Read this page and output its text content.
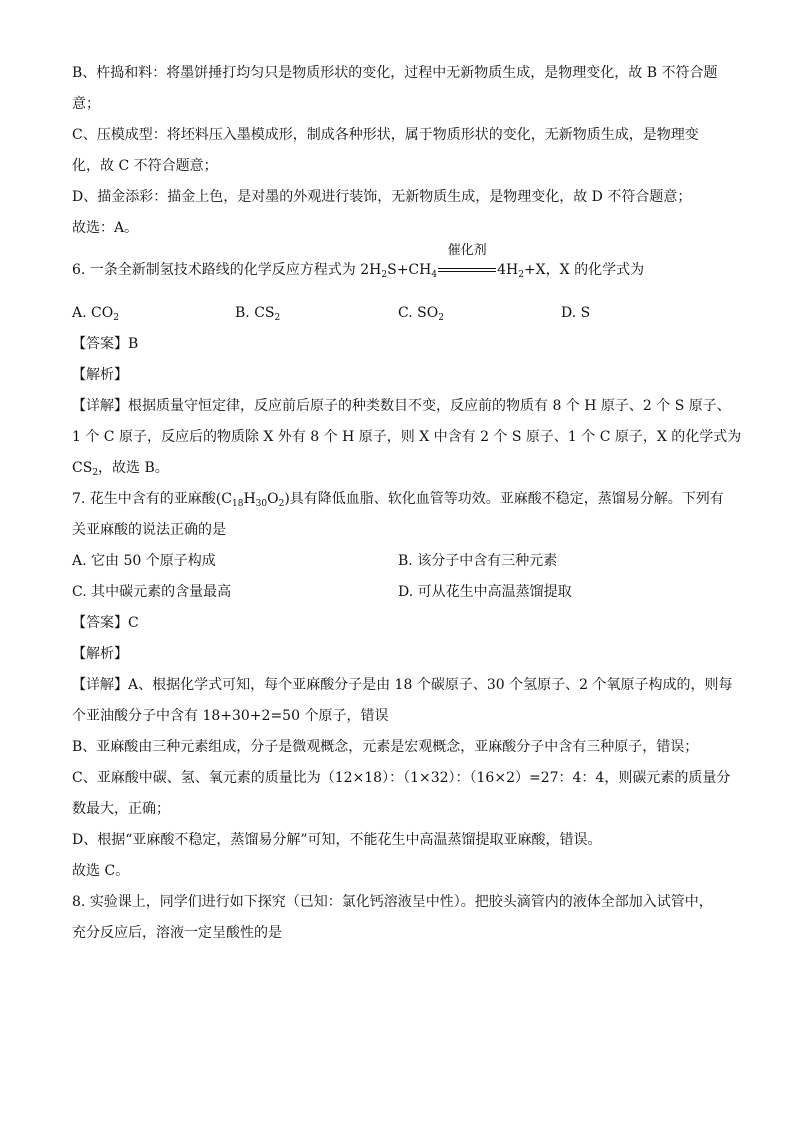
B、杵捣和料：将墨饼捶打均匀只是物质形状的变化，过程中无新物质生成，是物理变化，故 B 不符合题
意；
C、压模成型：将坯料压入墨模成形，制成各种形状，属于物质形状的变化，无新物质生成，是物理变
化，故 C 不符合题意；
D、描金添彩：描金上色，是对墨的外观进行装饰，无新物质生成，是物理变化，故 D 不符合题意；
故选：A。
6. 一条全新制氢技术路线的化学反应方程式为 $2H_2S+CH_4$
催化剂
$4H_2+X$，X 的化学式为
A. $CO_2$	B. $CS_2$	C. $SO_2$	D. S
【答案】B
【解析】
【详解】根据质量守恒定律，反应前后原子的种类数目不变，反应前的物质有 8 个 H 原子、2 个 S 原子、
1 个 C 原子，反应后的物质除 X 外有 8 个 H 原子，则 X 中含有 2 个 S 原子、1 个 C 原子，X 的化学式为
$CS_2$，故选 B。
7. 花生中含有的亚麻酸$(C_{18}H_{30}O_2)$具有降低血脂、软化血管等功效。亚麻酸不稳定，蒸馏易分解。下列有
关亚麻酸的说法正确的是
A. 它由 50 个原子构成	B. 该分子中含有三种元素
C. 其中碳元素的含量最高	D. 可从花生中高温蒸馏提取
【答案】C
【解析】
【详解】A、根据化学式可知，每个亚麻酸分子是由 18 个碳原子、30 个氢原子、2 个氧原子构成的，则每
个亚油酸分子中含有 18+30+2=50 个原子，错误
B、亚麻酸由三种元素组成，分子是微观概念，元素是宏观概念，亚麻酸分子中含有三种原子，错误；
C、亚麻酸中碳、氢、氧元素的质量比为（12×18）：（1×32）：（16×2）=27：4：4，则碳元素的质量分
数最大，正确；
D、根据“亚麻酸不稳定，蒸馏易分解”可知，不能花生中高温蒸馏提取亚麻酸，错误。
故选 C。
8. 实验课上，同学们进行如下探究（已知：氯化钙溶液呈中性）。把胶头滴管内的液体全部加入试管中，
充分反应后，溶液一定呈酸性的是
